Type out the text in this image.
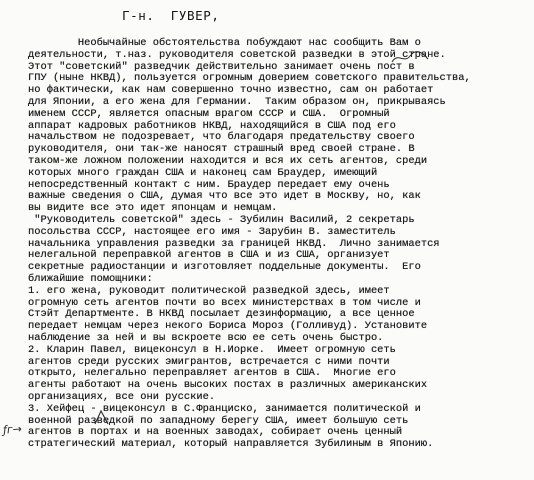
Г-н.  ГУВЕР,
Необычайные обстоятельства побуждают нас сообщить Вам о
деятельности, т.наз. руководителя советской разведки в этой стране.
Этот "советский" разведчик действительно занимает очень пост в
ГПУ (ныне НКВД), пользуется огромным доверием советского правительства,
но фактически, как нам совершенно точно известно, сам он работает
для Японии, а его жена для Германии.  Таким образом он, прикрываясь
именем СССР, является опасным врагом СССР и США.  Огромный
аппарат кадровых работников НКВД, находящийся в США под его
начальством не подозревает, что благодаря предательству своего
руководителя, они так-же наносят страшный вред своей стране. В
таком-же ложном положении находится и вся их сеть агентов, среди
которых много граждан США и наконец сам Браудер, имеющий
непосредственный контакт с ним. Браудер передает ему очень
важные сведения о США, думая что все это идет в Москву, но, как
вы видите все это идет японцам и немцам.
"Руководитель советской" здесь - Зубилин Василий, 2 секретарь
посольства СССР, настоящее его имя - Зарубин В. заместитель
начальника управления разведки за границей НКВД.  Лично занимается
нелегальной переправкой агентов в США и из США, организует
секретные радиостанции и изготовляет поддельные документы.  Его
ближайшие помощники:
1. его жена, руководит политической разведкой здесь, имеет
огромную сеть агентов почти во всех министерствах в том числе и
Стэйт Департменте. В НКВД посылает дезинформацию, а все ценное
передает немцам через некого Бориса Мороз (Голливуд). Установите
наблюдение за ней и вы вскроете всю ее сеть очень быстро.
2. Кларин Павел, вицеконсул в Н.Иорке.  Имеет огромную сеть
агентов среди русских эмигрантов, встречается с ними почти
открыто, нелегально переправляет агентов в США.  Многие его
агенты работают на очень высоких постах в различных американских
организациях, все они русские.
3. Хейфец - вицеконсул в С.Франциско, занимается политической и
военной разведкой по западному берегу США, имеет большую сеть
агентов в портах и на военных заводах, собирает очень ценный
стратегический материал, который направляется Зубилиным в Японию.
ƒг→
